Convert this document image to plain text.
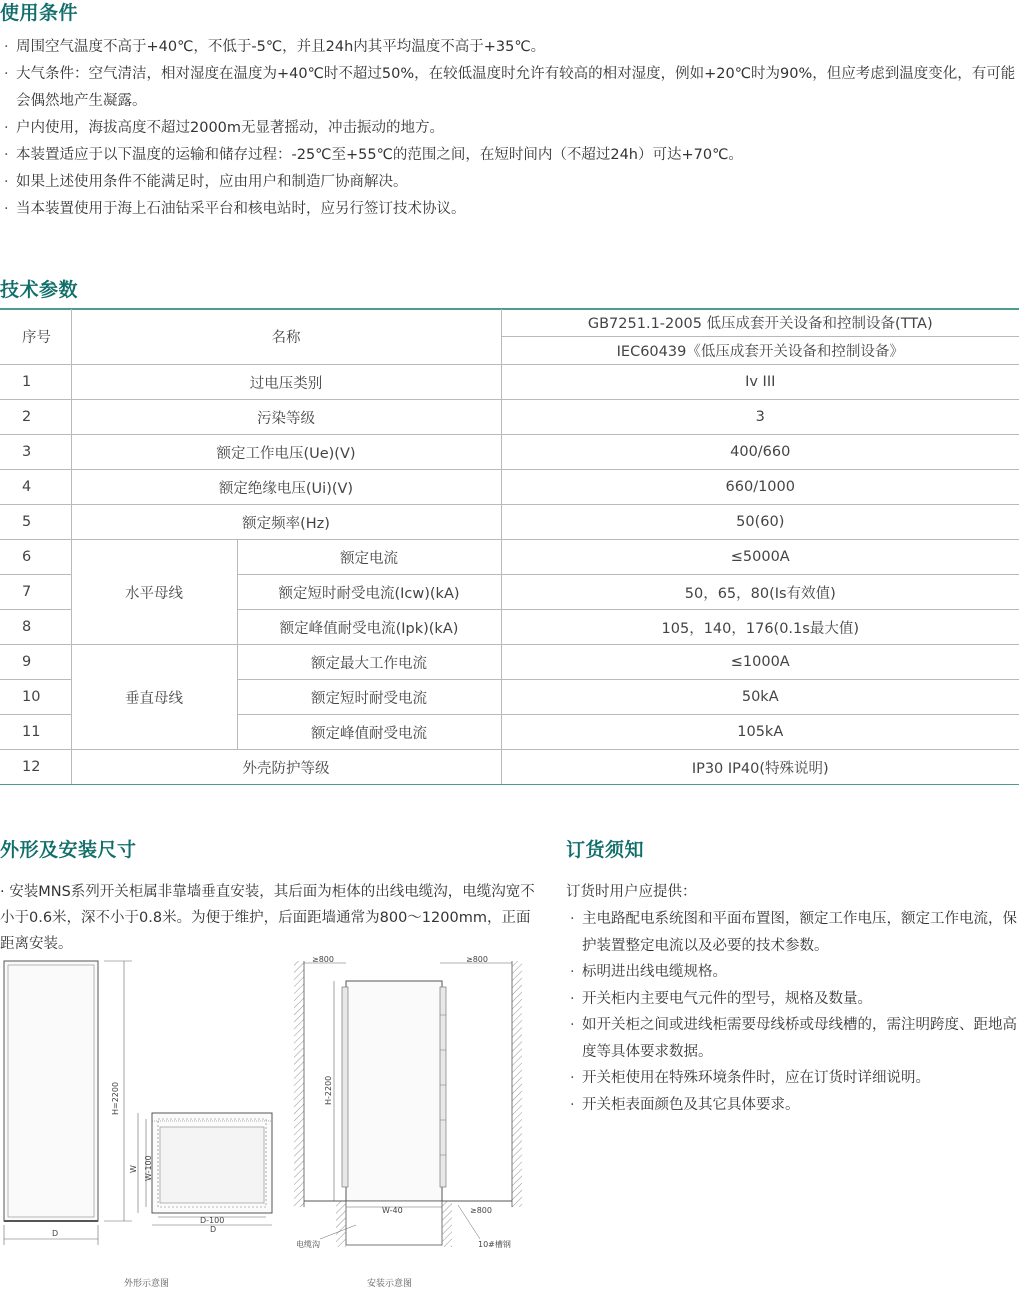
使用条件
· 周围空气温度不高于+40℃，不低于-5℃，并且24h内其平均温度不高于+35℃。
· 大气条件：空气清洁，相对湿度在温度为+40℃时不超过50%，在较低温度时允许有较高的相对湿度，例如+20℃时为90%，但应考虑到温度变化，有可能会偶然地产生凝露。
· 户内使用，海拔高度不超过2000m无显著摇动，冲击振动的地方。
· 本装置适应于以下温度的运输和储存过程：-25℃至+55℃的范围之间，在短时间内（不超过24h）可达+70℃。
· 如果上述使用条件不能满足时，应由用户和制造厂协商解决。
· 当本装置使用于海上石油钻采平台和核电站时，应另行签订技术协议。
技术参数
序号	名称		GB7251.1-2005 低压成套开关设备和控制设备(TTA)
			IEC60439《低压成套开关设备和控制设备》
1	过电压类别		Iv III
2	污染等级		3
3	额定工作电压(Ue)(V)		400/660
4	额定绝缘电压(Ui)(V)		660/1000
5	额定频率(Hz)		50(60)
6	水平母线	额定电流	≤5000A
7		额定短时耐受电流(Icw)(kA)	50，65，80(Is有效值)
8		额定峰值耐受电流(Ipk)(kA)	105，140，176(0.1s最大值)
9	垂直母线	额定最大工作电流	≤1000A
10		额定短时耐受电流	50kA
11		额定峰值耐受电流	105kA
12	外壳防护等级		IP30 IP40(特殊说明)
外形及安装尺寸

· 安装MNS系列开关柜属非靠墙垂直安装，其后面为柜体的出线电缆沟，电缆沟宽不小于0.6米，深不小于0.8米。为便于维护，后面距墙通常为800～1200mm，正面距离安装。

H=2200
D
W W-100
D-100
D
外形示意图
≥800	≥800
H-2200
W-40	≥800
电缆沟	10#槽钢
安装示意图
订货须知

订货时用户应提供：

· 主电路配电系统图和平面布置图，额定工作电压，额定工作电流，保护装置整定电流以及必要的技术参数。
· 标明进出线电缆规格。
· 开关柜内主要电气元件的型号，规格及数量。
· 如开关柜之间或进线柜需要母线桥或母线槽的，需注明跨度、距地高度等具体要求数据。
· 开关柜使用在特殊环境条件时，应在订货时详细说明。
· 开关柜表面颜色及其它具体要求。
